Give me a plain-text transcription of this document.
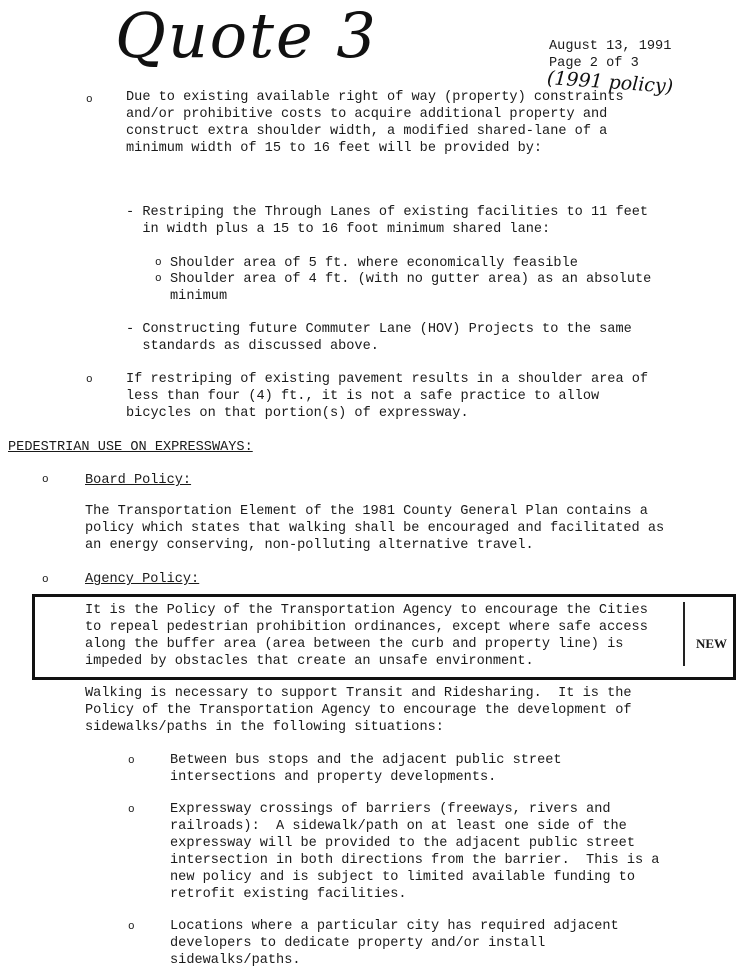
Quote 3	August 13, 1991
Page 2 of 3
(1991 policy)
o Due to existing available right of way (property) constraints
and/or prohibitive costs to acquire additional property and
construct extra shoulder width, a modified shared-lane of a
minimum width of 15 to 16 feet will be provided by:
- Restriping the Through Lanes of existing facilities to 11 feet
in width plus a 15 to 16 foot minimum shared lane:
o Shoulder area of 5 ft. where economically feasible
o Shoulder area of 4 ft. (with no gutter area) as an absolute
minimum
- Constructing future Commuter Lane (HOV) Projects to the same
standards as discussed above.
o If restriping of existing pavement results in a shoulder area of
less than four (4) ft., it is not a safe practice to allow
bicycles on that portion(s) of expressway.
PEDESTRIAN USE ON EXPRESSWAYS:
o	Board Policy:
The Transportation Element of the 1981 County General Plan contains a
policy which states that walking shall be encouraged and facilitated as
an energy conserving, non-polluting alternative travel.
o	Agency Policy:
It is the Policy of the Transportation Agency to encourage the Cities
to repeal pedestrian prohibition ordinances, except where safe access
along the buffer area (area between the curb and property line) is
impeded by obstacles that create an unsafe environment.
NEW
Walking is necessary to support Transit and Ridesharing.  It is the
Policy of the Transportation Agency to encourage the development of
sidewalks/paths in the following situations:
o	Between bus stops and the adjacent public street
intersections and property developments.
o	Expressway crossings of barriers (freeways, rivers and
railroads):  A sidewalk/path on at least one side of the
expressway will be provided to the adjacent public street
intersection in both directions from the barrier.  This is a
new policy and is subject to limited available funding to
retrofit existing facilities.
o	Locations where a particular city has required adjacent
developers to dedicate property and/or install
sidewalks/paths.
